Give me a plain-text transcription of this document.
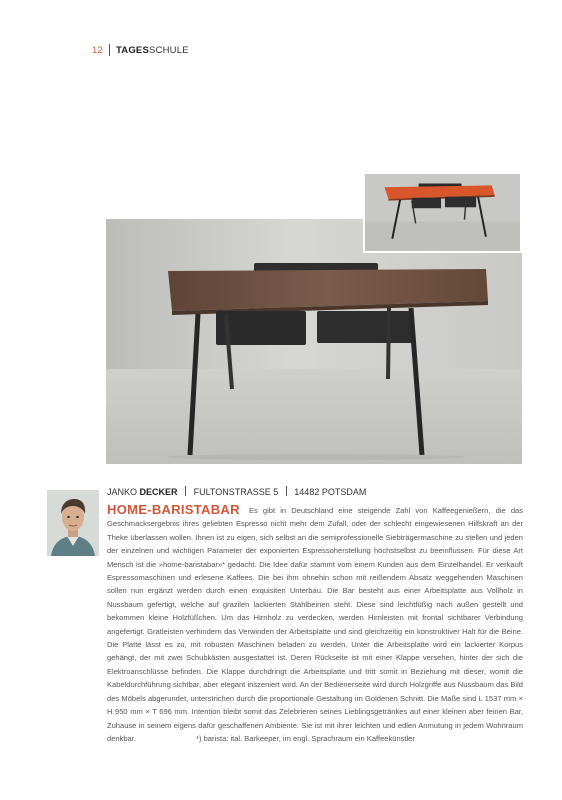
12 TAGES SCHULE
JANKO DECKER FULTONSTRASSE 5 14482 POTSDAM
HOME-BARISTABAR Es gibt in Deutschland eine steigende Zahl von Kaffeegenießern, die das Geschmacksergebnis ihres geliebten Espresso nicht mehr dem Zufall, oder der schlecht eingewiesenen Hilfskraft an der Theke überlassen wollen. Ihnen ist zu eigen, sich selbst an die semiprofessionelle Siebträgermaschine zu stellen und jeden der einzelnen und wichtigen Parameter der exponierten Espressoherstellung höchstselbst zu beeinflussen. Für diese Art Mensch ist die »home-baristabar»* gedacht. Die Idee dafür stammt vom einem Kunden aus dem Einzelhandel. Er verkauft Espressomaschinen und erlesene Kaffees. Die bei ihm ohnehin schon mit reißendem Absatz weggehenden Maschinen sollen nun ergänzt werden durch einen exquisiten Unterbau. Die Bar besteht aus einer Arbeitsplatte aus Vollholz in Nussbaum gefertigt, welche auf grazilen lackierten Stahlbeinen steht. Diese sind leichtfüßig nach außen gestellt und bekommen kleine Holzfüßchen. Um das Hirnholz zu verdecken, werden Hirnleisten mit frontal sichtbarer Verbindung angefertigt. Gratleisten verhindern das Verwinden der Arbeitsplatte und sind gleichzeitig ein konstruktiver Halt für die Beine. Die Platte lässt es zu, mit robusten Maschinen beladen zu werden. Unter die Arbeitsplatte wird ein lackierter Korpus gehängt, der mit zwei Schubkästen ausgestattet ist. Deren Rückseite ist mit einer Klappe versehen, hinter der sich die Elektroanschlüsse befinden. Die Klappe durchdringt die Arbeitsplatte und tritt somit in Beziehung mit dieser, womit die Kabeldurchführung sichtbar, aber elegant inszeniert wird. An der Bedienerseite wird durch Holzgriffe aus Nussbaum das Bild des Möbels abgerundet, unterstrichen durch die proportionale Gestaltung im Goldenen Schnitt. Die Maße sind L 1537 mm × H 950 mm × T 696 mm. Intention bleibt somit das Zelebrieren seines Lieblingsgetränkes auf einer kleinen aber feinen Bar, Zuhause in seinem eigens dafür geschaffenen Ambiente. Sie ist mit ihrer leichten und edlen Anmutung in jedem Wohnraum denkbar.	*) barista: ital. Barkeeper, im engl. Sprachraum ein Kaffeekünstler
